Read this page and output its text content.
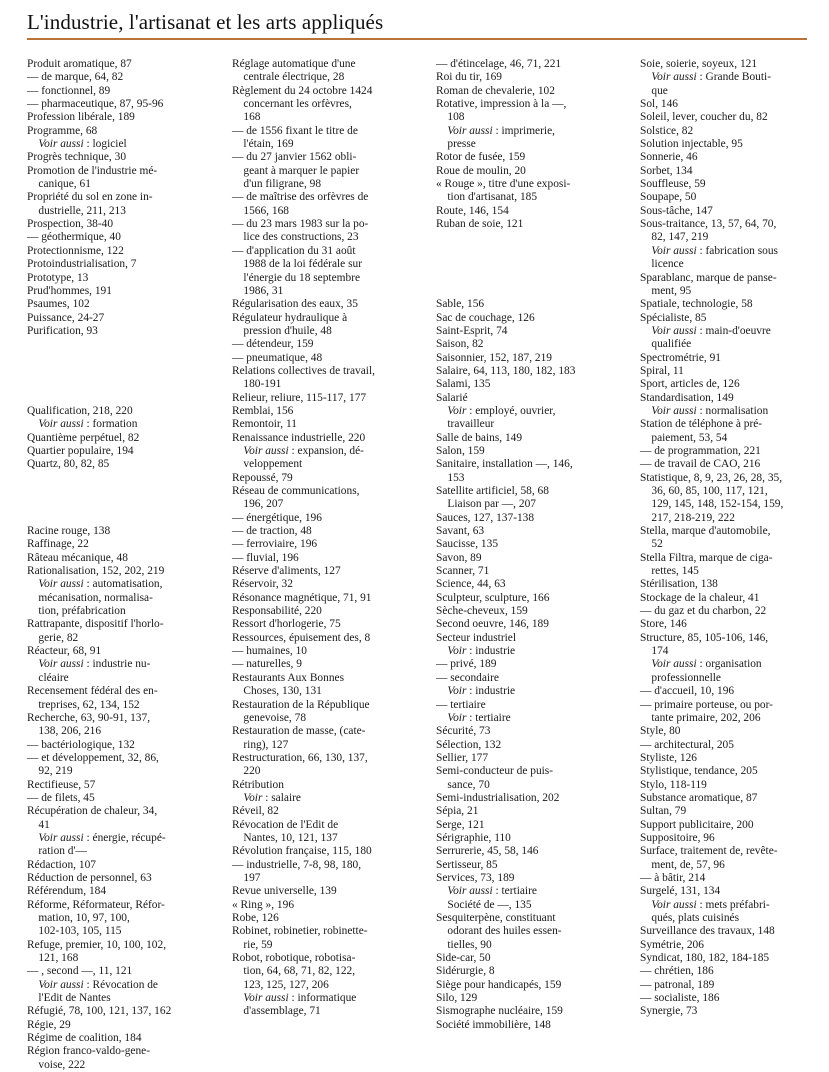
L'industrie, l'artisanat et les arts appliqués
Produit aromatique, 87
— de marque, 64, 82
— fonctionnel, 89
— pharmaceutique, 87, 95-96
Profession libérale, 189
Programme, 68
Voir aussi : logiciel
Progrès technique, 30
Promotion de l'industrie mé-
canique, 61
Propriété du sol en zone in-
dustrielle, 211, 213
Prospection, 38-40
— géothermique, 40
Protectionnisme, 122
Protoindustrialisation, 7
Prototype, 13
Prud'hommes, 191
Psaumes, 102
Puissance, 24-27
Purification, 93
Qualification, 218, 220
Voir aussi : formation
Quantième perpétuel, 82
Quartier populaire, 194
Quartz, 80, 82, 85
Racine rouge, 138
Raffinage, 22
Râteau mécanique, 48
Rationalisation, 152, 202, 219
Voir aussi : automatisation,
mécanisation, normalisa-
tion, préfabrication
Rattrapante, dispositif l'horlo-
gerie, 82
Réacteur, 68, 91
Voir aussi : industrie nu-
cléaire
Recensement fédéral des en-
treprises, 62, 134, 152
Recherche, 63, 90-91, 137,
138, 206, 216
— bactériologique, 132
— et développement, 32, 86,
92, 219
Rectifieuse, 57
— de filets, 45
Récupération de chaleur, 34,
41
Voir aussi : énergie, récupé-
ration d'—
Rédaction, 107
Réduction de personnel, 63
Référendum, 184
Réforme, Réformateur, Réfor-
mation, 10, 97, 100,
102-103, 105, 115
Refuge, premier, 10, 100, 102,
121, 168
— , second —, 11, 121
Voir aussi : Révocation de
l'Edit de Nantes
Réfugié, 78, 100, 121, 137, 162
Régie, 29
Régime de coalition, 184
Région franco-valdo-gene-
voise, 222
Réglage automatique d'une
centrale électrique, 28
Règlement du 24 octobre 1424
concernant les orfèvres,
168
— de 1556 fixant le titre de
l'étain, 169
— du 27 janvier 1562 obli-
geant à marquer le papier
d'un filigrane, 98
— de maîtrise des orfèvres de
1566, 168
— du 23 mars 1983 sur la po-
lice des constructions, 23
— d'application du 31 août
1988 de la loi fédérale sur
l'énergie du 18 septembre
1986, 31
Régularisation des eaux, 35
Régulateur hydraulique à
pression d'huile, 48
— détendeur, 159
— pneumatique, 48
Relations collectives de travail,
180-191
Relieur, reliure, 115-117, 177
Remblai, 156
Remontoir, 11
Renaissance industrielle, 220
Voir aussi : expansion, dé-
veloppement
Repoussé, 79
Réseau de communications,
196, 207
— énergétique, 196
— de traction, 48
— ferroviaire, 196
— fluvial, 196
Réserve d'aliments, 127
Réservoir, 32
Résonance magnétique, 71, 91
Responsabilité, 220
Ressort d'horlogerie, 75
Ressources, épuisement des, 8
— humaines, 10
— naturelles, 9
Restaurants Aux Bonnes
Choses, 130, 131
Restauration de la République
genevoise, 78
Restauration de masse, (cate-
ring), 127
Restructuration, 66, 130, 137,
220
Rétribution
Voir : salaire
Réveil, 82
Révocation de l'Edit de
Nantes, 10, 121, 137
Révolution française, 115, 180
— industrielle, 7-8, 98, 180,
197
Revue universelle, 139
« Ring », 196
Robe, 126
Robinet, robinetier, robinette-
rie, 59
Robot, robotique, robotisa-
tion, 64, 68, 71, 82, 122,
123, 125, 127, 206
Voir aussi : informatique
d'assemblage, 71
— d'étincelage, 46, 71, 221
Roi du tir, 169
Roman de chevalerie, 102
Rotative, impression à la —,
108
Voir aussi : imprimerie,
presse
Rotor de fusée, 159
Roue de moulin, 20
« Rouge », titre d'une exposi-
tion d'artisanat, 185
Route, 146, 154
Ruban de soie, 121
Sable, 156
Sac de couchage, 126
Saint-Esprit, 74
Saison, 82
Saisonnier, 152, 187, 219
Salaire, 64, 113, 180, 182, 183
Salami, 135
Salarié
Voir : employé, ouvrier,
travailleur
Salle de bains, 149
Salon, 159
Sanitaire, installation —, 146,
153
Satellite artificiel, 58, 68
Liaison par —, 207
Sauces, 127, 137-138
Savant, 63
Saucisse, 135
Savon, 89
Scanner, 71
Science, 44, 63
Sculpteur, sculpture, 166
Sèche-cheveux, 159
Second oeuvre, 146, 189
Secteur industriel
Voir : industrie
— privé, 189
— secondaire
Voir : industrie
— tertiaire
Voir : tertiaire
Sécurité, 73
Sélection, 132
Sellier, 177
Semi-conducteur de puis-
sance, 70
Semi-industrialisation, 202
Sépia, 21
Serge, 121
Sérigraphie, 110
Serrurerie, 45, 58, 146
Sertisseur, 85
Services, 73, 189
Voir aussi : tertiaire
Société de —, 135
Sesquiterpène, constituant
odorant des huiles essen-
tielles, 90
Side-car, 50
Sidérurgie, 8
Siège pour handicapés, 159
Silo, 129
Sismographe nucléaire, 159
Société immobilière, 148
Soie, soierie, soyeux, 121
Voir aussi : Grande Bouti-
que
Sol, 146
Soleil, lever, coucher du, 82
Solstice, 82
Solution injectable, 95
Sonnerie, 46
Sorbet, 134
Souffleuse, 59
Soupape, 50
Sous-tâche, 147
Sous-traitance, 13, 57, 64, 70,
82, 147, 219
Voir aussi : fabrication sous
licence
Sparablanc, marque de panse-
ment, 95
Spatiale, technologie, 58
Spécialiste, 85
Voir aussi : main-d'oeuvre
qualifiée
Spectrométrie, 91
Spiral, 11
Sport, articles de, 126
Standardisation, 149
Voir aussi : normalisation
Station de téléphone à pré-
paiement, 53, 54
— de programmation, 221
— de travail de CAO, 216
Statistique, 8, 9, 23, 26, 28, 35,
36, 60, 85, 100, 117, 121,
129, 145, 148, 152-154, 159,
217, 218-219, 222
Stella, marque d'automobile,
52
Stella Filtra, marque de ciga-
rettes, 145
Stérilisation, 138
Stockage de la chaleur, 41
— du gaz et du charbon, 22
Store, 146
Structure, 85, 105-106, 146,
174
Voir aussi : organisation
professionnelle
— d'accueil, 10, 196
— primaire porteuse, ou por-
tante primaire, 202, 206
Style, 80
— architectural, 205
Styliste, 126
Stylistique, tendance, 205
Stylo, 118-119
Substance aromatique, 87
Sultan, 79
Support publicitaire, 200
Suppositoire, 96
Surface, traitement de, revête-
ment, de, 57, 96
— à bâtir, 214
Surgelé, 131, 134
Voir aussi : mets préfabri-
qués, plats cuisinés
Surveillance des travaux, 148
Symétrie, 206
Syndicat, 180, 182, 184-185
— chrétien, 186
— patronal, 189
— socialiste, 186
Synergie, 73
